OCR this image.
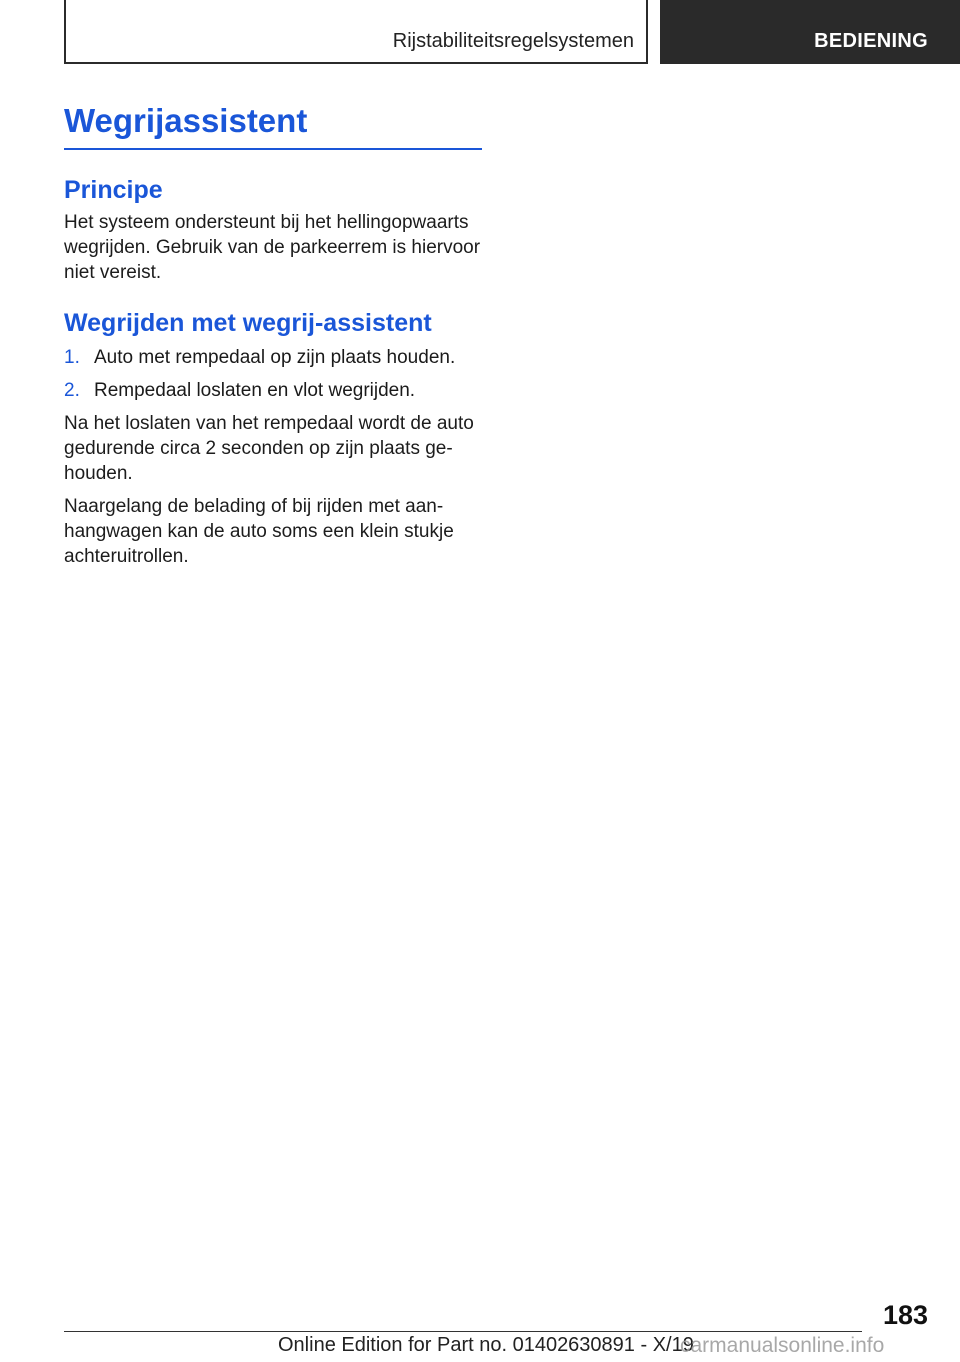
Rijstabiliteitsregelsystemen	BEDIENING
Wegrijassistent
Principe

Het systeem ondersteunt bij het hellingopwaarts wegrijden. Gebruik van de parkeerrem is hiervoor niet vereist.

Wegrijden met wegrij-assistent
1. Auto met rempedaal op zijn plaats houden.
2. Rempedaal loslaten en vlot wegrijden.

Na het loslaten van het rempedaal wordt de auto gedurende circa 2 seconden op zijn plaats ge- houden.

Naargelang de belading of bij rijden met aan- hangwagen kan de auto soms een klein stukje achteruitrollen.

183
Online Edition for Part no. 01402630891 - X/19
carmanualsonline.info
